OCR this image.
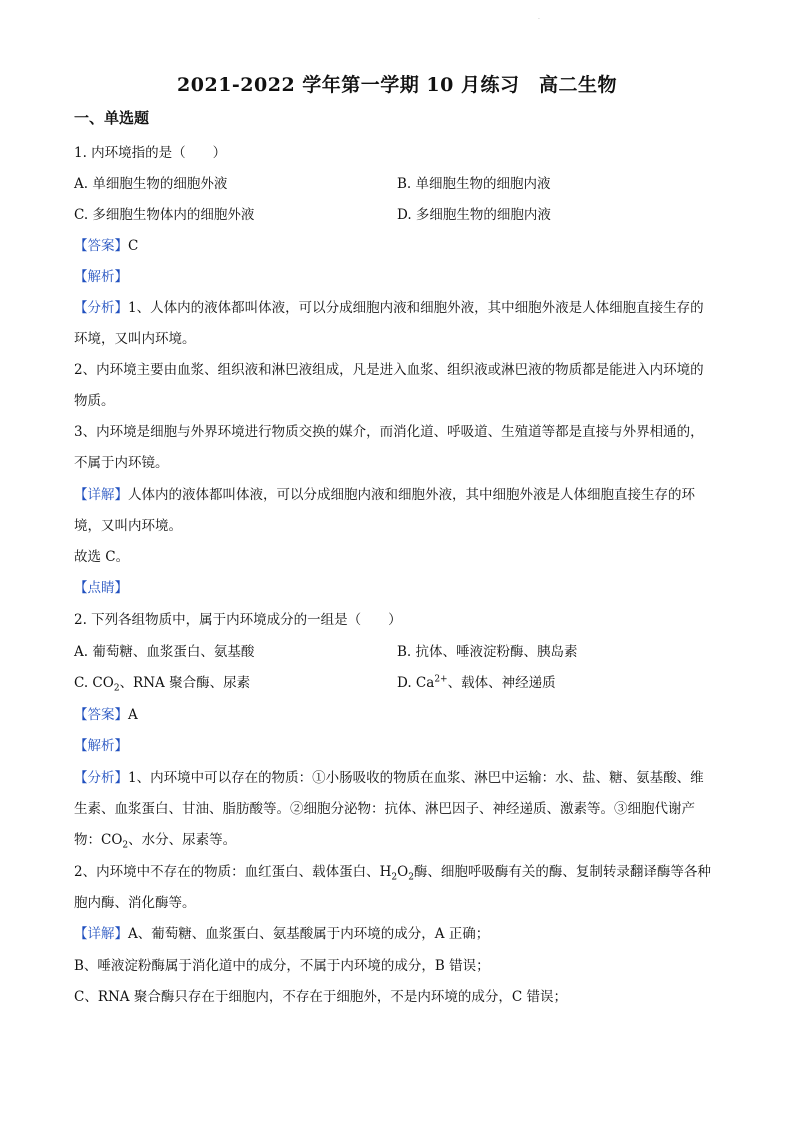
.
2021-2022 学年第一学期 10 月练习　高二生物
一、单选题
1. 内环境指的是（　　）
A. 单细胞生物的细胞外液	B. 单细胞生物的细胞内液
C. 多细胞生物体内的细胞外液	D. 多细胞生物的细胞内液
【答案】C
【解析】
【分析】1、人体内的液体都叫体液，可以分成细胞内液和细胞外液，其中细胞外液是人体细胞直接生存的
环境，又叫内环境。
2、内环境主要由血浆、组织液和淋巴液组成，凡是进入血浆、组织液或淋巴液的物质都是能进入内环境的
物质。
3、内环境是细胞与外界环境进行物质交换的媒介，而消化道、呼吸道、生殖道等都是直接与外界相通的，
不属于内环镜。
【详解】人体内的液体都叫体液，可以分成细胞内液和细胞外液，其中细胞外液是人体细胞直接生存的环
境，又叫内环境。
故选 C。
【点睛】
2. 下列各组物质中，属于内环境成分的一组是（　　）
A. 葡萄糖、血浆蛋白、氨基酸	B. 抗体、唾液淀粉酶、胰岛素
C. $CO_2$、RNA 聚合酶、尿素	D. $Ca^{2+}$、载体、神经递质
【答案】A
【解析】
【分析】1、内环境中可以存在的物质：①小肠吸收的物质在血浆、淋巴中运输：水、盐、糖、氨基酸、维
生素、血浆蛋白、甘油、脂肪酸等。②细胞分泌物：抗体、淋巴因子、神经递质、激素等。③细胞代谢产
物：$CO_2$、水分、尿素等。
2、内环境中不存在的物质：血红蛋白、载体蛋白、$H_2O_2$酶、细胞呼吸酶有关的酶、复制转录翻译酶等各种
胞内酶、消化酶等。
【详解】A、葡萄糖、血浆蛋白、氨基酸属于内环境的成分，A 正确；
B、唾液淀粉酶属于消化道中的成分，不属于内环境的成分，B 错误；
C、RNA 聚合酶只存在于细胞内，不存在于细胞外，不是内环境的成分，C 错误；
